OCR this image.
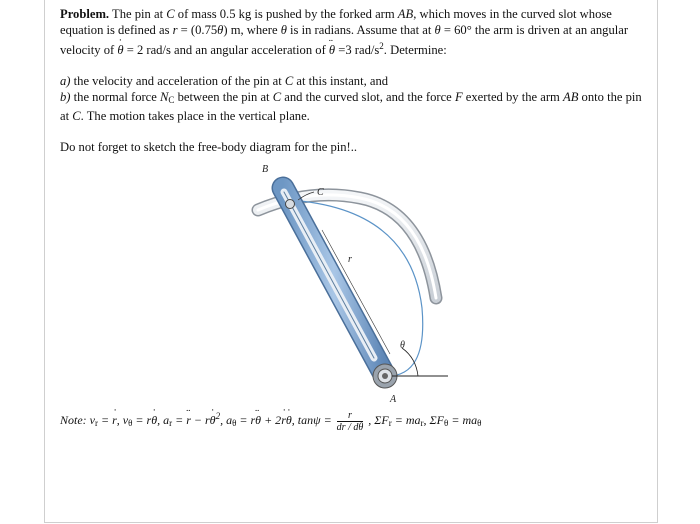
Problem. The pin at C of mass 0.5 kg is pushed by the forked arm AB, which moves in the curved slot whose equation is defined as r = (0.75θ) m, where θ is in radians. Assume that at θ = 60° the arm is driven at an angular velocity of θ ˙ = 2 rad/s and an angular acceleration of θ ¨ =3 rad/$s^2$. Determine:

a) the velocity and acceleration of the pin at C at this instant, and
b) the normal force $N_C$ between the pin at C and the curved slot, and the force F exerted by the arm AB onto the pin at C. The motion takes place in the vertical plane.

Do not forget to sketch the free-body diagram for the pin!..

B
C
r
θ
A
Note: $v_r = r$ ˙, $v_\theta = r\theta$ ˙, $a_r = r$ ¨ − rθ ˙$^2$, $a_\theta = r\theta$ ¨ + 2r ˙θ ˙, $\tan\psi = \frac{r}{dr / d\theta}$ , $\Sigma F_r = ma_r$, $\Sigma F_\theta = ma_\theta$
